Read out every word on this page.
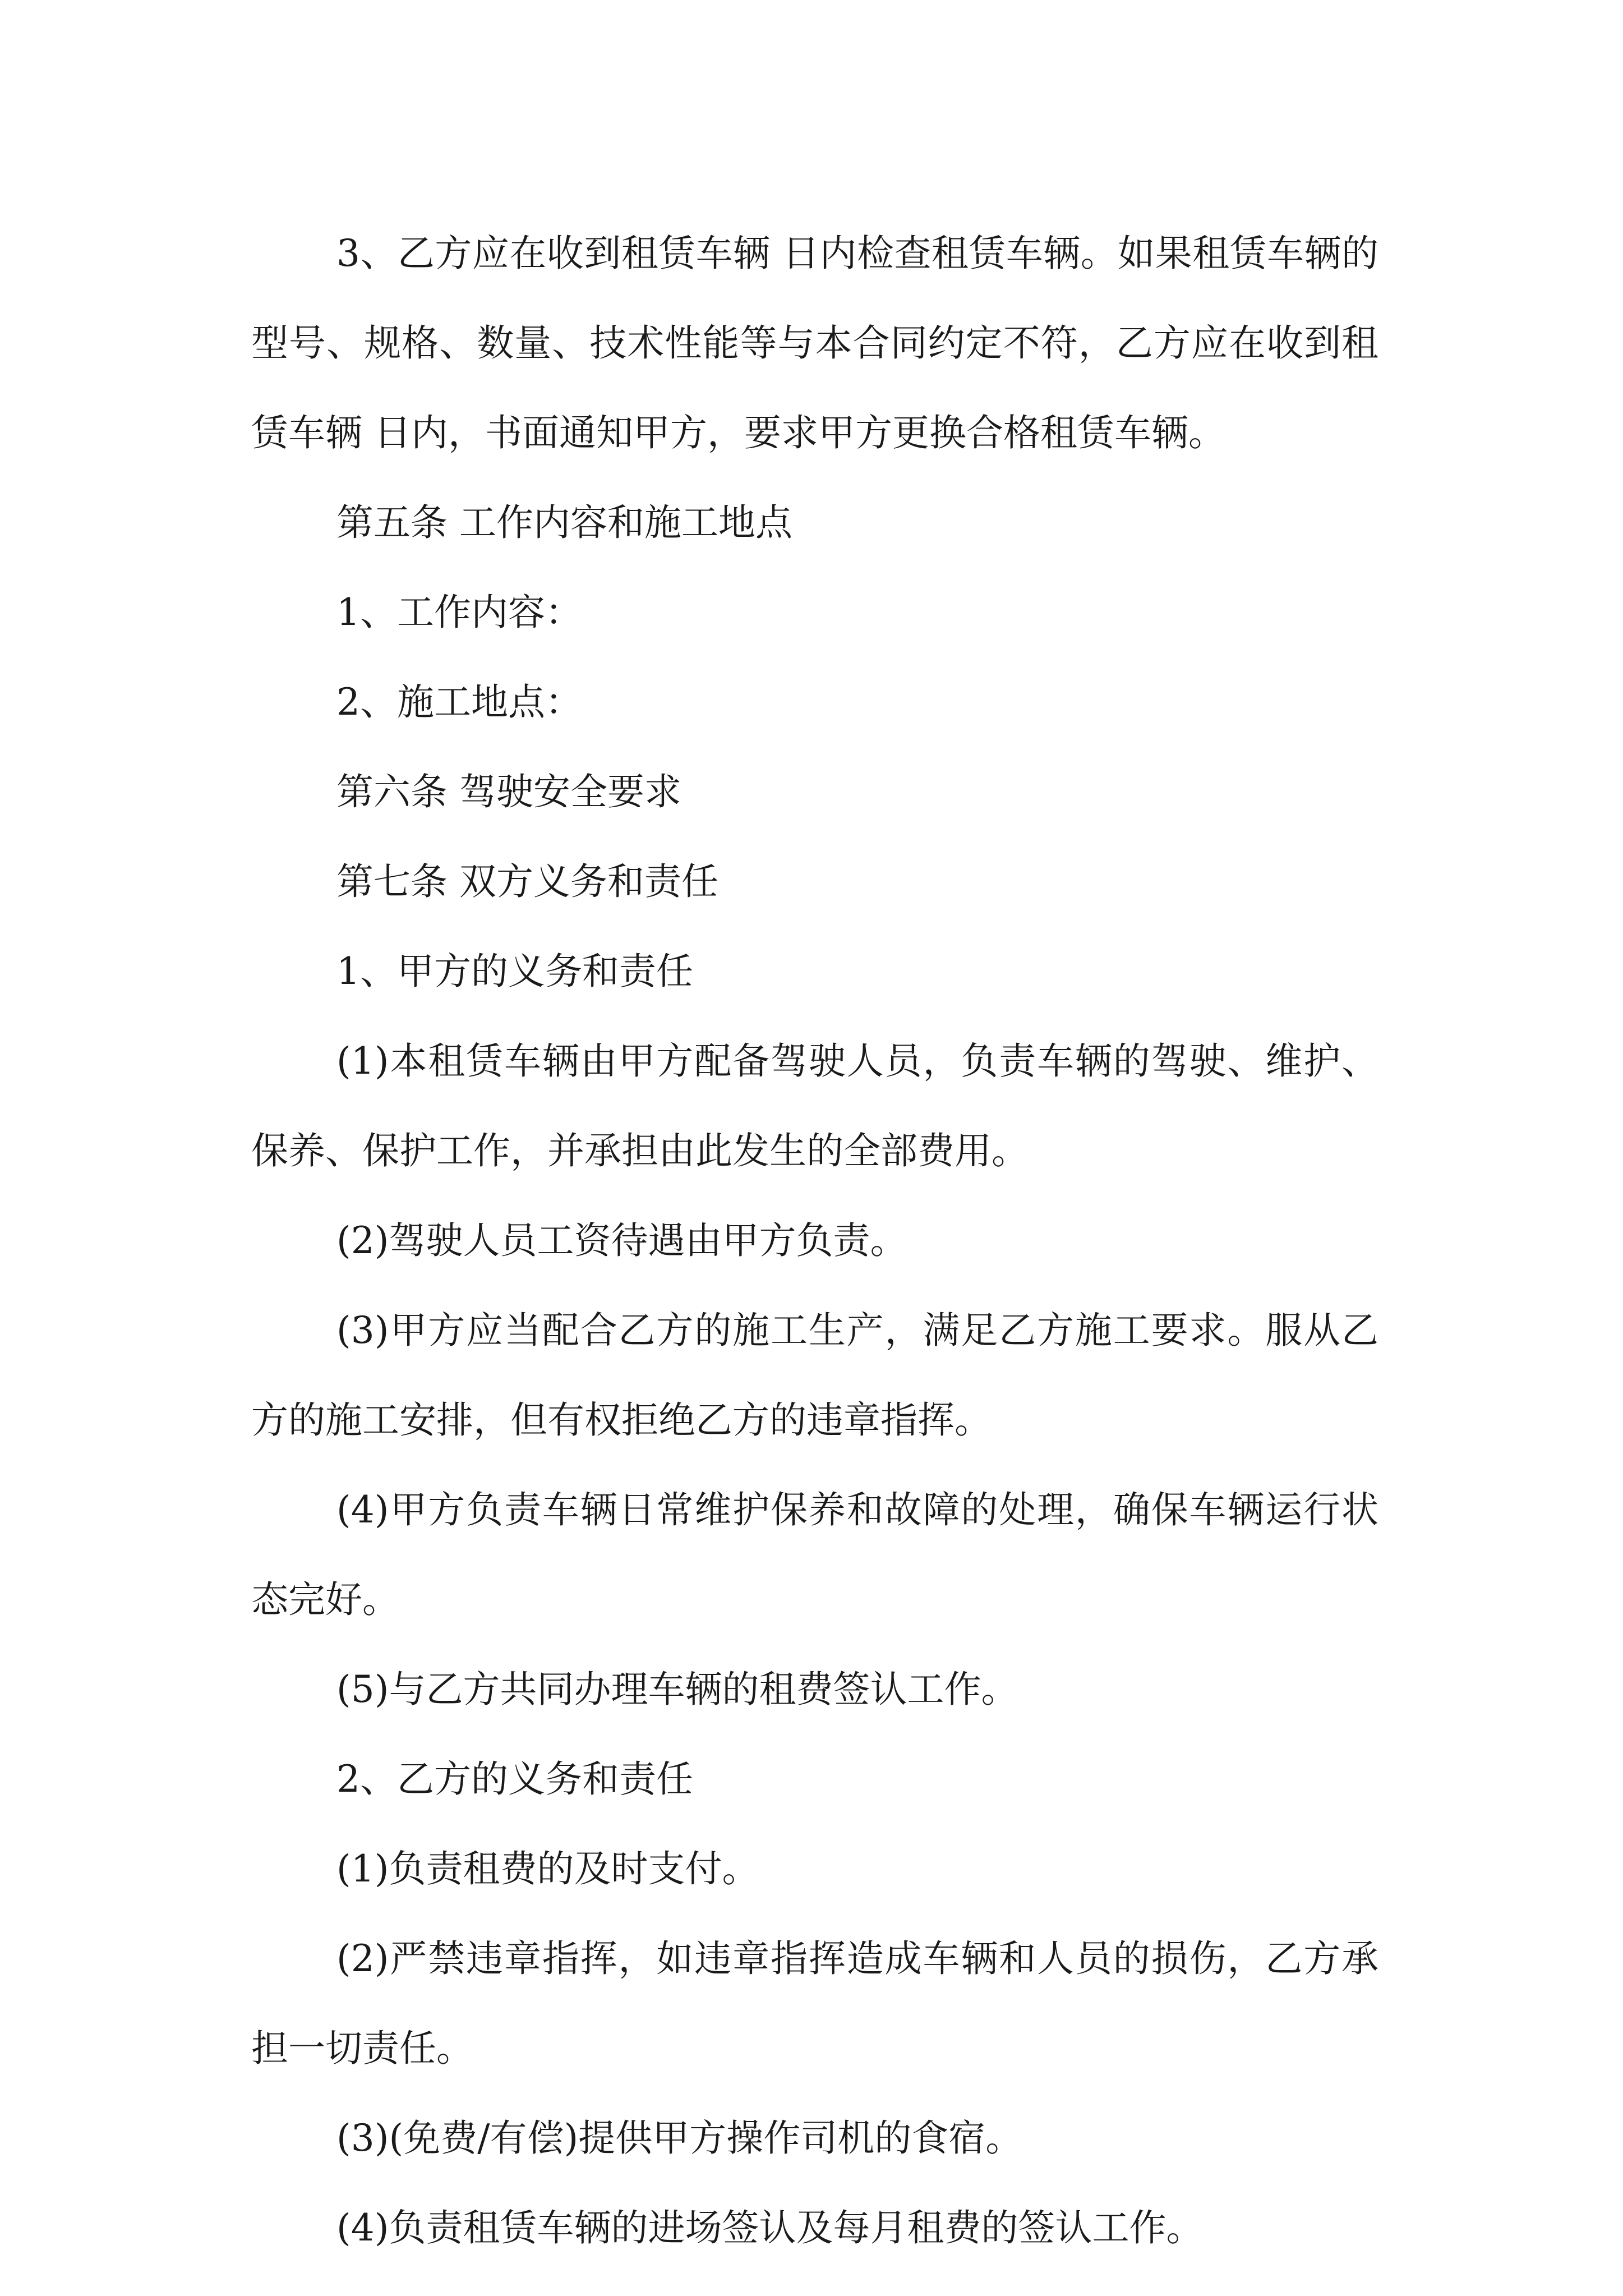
3、乙方应在收到租赁车辆 日内检查租赁车辆。如果租赁车辆的型号、规格、数量、技术性能等与本合同约定不符，乙方应在收到租赁车辆 日内，书面通知甲方，要求甲方更换合格租赁车辆。

第五条 工作内容和施工地点

1、工作内容：

2、施工地点：

第六条 驾驶安全要求

第七条 双方义务和责任

1、甲方的义务和责任

(1)本租赁车辆由甲方配备驾驶人员，负责车辆的驾驶、维护、保养、保护工作，并承担由此发生的全部费用。

(2)驾驶人员工资待遇由甲方负责。

(3)甲方应当配合乙方的施工生产，满足乙方施工要求。服从乙方的施工安排，但有权拒绝乙方的违章指挥。

(4)甲方负责车辆日常维护保养和故障的处理，确保车辆运行状态完好。

(5)与乙方共同办理车辆的租费签认工作。

2、乙方的义务和责任

(1)负责租费的及时支付。

(2)严禁违章指挥，如违章指挥造成车辆和人员的损伤，乙方承担一切责任。

(3)(免费/有偿)提供甲方操作司机的食宿。

(4)负责租赁车辆的进场签认及每月租费的签认工作。
